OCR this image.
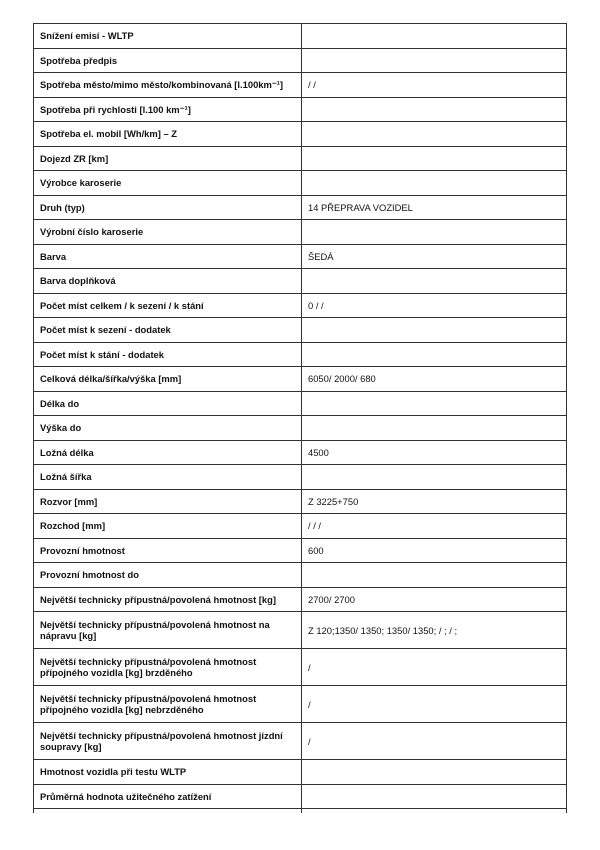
Snížení emisí - WLTP	
Spotřeba předpis	
Spotřeba město/mimo město/kombinovaná [l.100km⁻¹]	/ /
Spotřeba při rychlosti [l.100 km⁻¹]	
Spotřeba el. mobil [Wh/km] – Z	
Dojezd ZR [km]	
Výrobce karoserie	
Druh (typ)	14 PŘEPRAVA VOZIDEL
Výrobní číslo karoserie	
Barva	ŠEDÁ
Barva doplňková	
Počet míst celkem / k sezení / k stání	0 / /
Počet míst k sezení - dodatek	
Počet míst k stání - dodatek	
Celková délka/šířka/výška [mm]	6050/ 2000/ 680
Délka do	
Výška do	
Ložná délka	4500
Ložná šířka	
Rozvor [mm]	Z 3225+750
Rozchod [mm]	/ / /
Provozní hmotnost	600
Provozní hmotnost do	
Největší technicky přípustná/povolená hmotnost [kg]	2700/ 2700
Největší technicky přípustná/povolená hmotnost na nápravu [kg]	Z 120;1350/ 1350; 1350/ 1350; / ; / ;
Největší technicky přípustná/povolená hmotnost přípojného vozidla [kg] brzděného	/
Největší technicky přípustná/povolená hmotnost přípojného vozidla [kg] nebrzděného	/
Největší technicky přípustná/povolená hmotnost jízdní soupravy [kg]	/
Hmotnost vozidla při testu WLTP	
Průměrná hodnota užitečného zatížení	
